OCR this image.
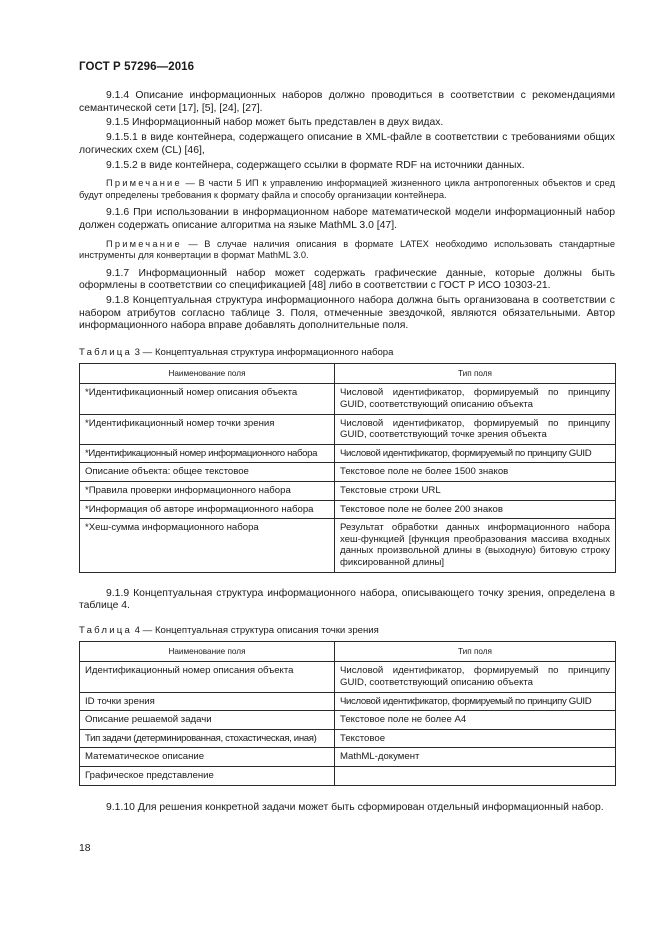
ГОСТ Р 57296—2016

9.1.4 Описание информационных наборов должно проводиться в соответствии с рекомендациями семантической сети [17], [5], [24], [27].

9.1.5 Информационный набор может быть представлен в двух видах.

9.1.5.1 в виде контейнера, содержащего описание в XML-файле в соответствии с требованиями общих логических схем (CL) [46],

9.1.5.2 в виде контейнера, содержащего ссылки в формате RDF на источники данных.

Примечание — В части 5 ИП к управлению информацией жизненного цикла антропогенных объектов и сред будут определены требования к формату файла и способу организации контейнера.

9.1.6 При использовании в информационном наборе математической модели информационный набор должен содержать описание алгоритма на языке MathML 3.0 [47].

Примечание — В случае наличия описания в формате LATEX необходимо использовать стандартные инструменты для конвертации в формат MathML 3.0.

9.1.7 Информационный набор может содержать графические данные, которые должны быть оформлены в соответствии со спецификацией [48] либо в соответствии с ГОСТ Р ИСО 10303-21.

9.1.8 Концептуальная структура информационного набора должна быть организована в соответствии с набором атрибутов согласно таблице 3. Поля, отмеченные звездочкой, являются обязательными. Автор информационного набора вправе добавлять дополнительные поля.

Таблица 3 — Концептуальная структура информационного набора
Наименование поля	Тип поля
*Идентификационный номер описания объекта	Числовой идентификатор, формируемый по принципу GUID, соответствующий описанию объекта
*Идентификационный номер точки зрения	Числовой идентификатор, формируемый по принципу GUID, соответствующий точке зрения объекта
*Идентификационный номер информационного набора	Числовой идентификатор, формируемый по принципу GUID
Описание объекта: общее текстовое	Текстовое поле не более 1500 знаков
*Правила проверки информационного набора	Текстовые строки URL
*Информация об авторе информационного набора	Текстовое поле не более 200 знаков
*Хеш-сумма информационного набора	Результат обработки данных информационного набора хеш-функцией [функция преобразования массива входных данных произвольной длины в (выходную) битовую строку фиксированной длины]

9.1.9 Концептуальная структура информационного набора, описывающего точку зрения, определена в таблице 4.

Таблица 4 — Концептуальная структура описания точки зрения
Наименование поля	Тип поля
Идентификационный номер описания объекта	Числовой идентификатор, формируемый по принципу GUID, соответствующий описанию объекта
ID точки зрения	Числовой идентификатор, формируемый по принципу GUID
Описание решаемой задачи	Текстовое поле не более А4
Тип задачи (детерминированная, стохастическая, иная)	Текстовое
Математическое описание	MathML-документ
Графическое представление	

9.1.10 Для решения конкретной задачи может быть сформирован отдельный информационный набор.

18
